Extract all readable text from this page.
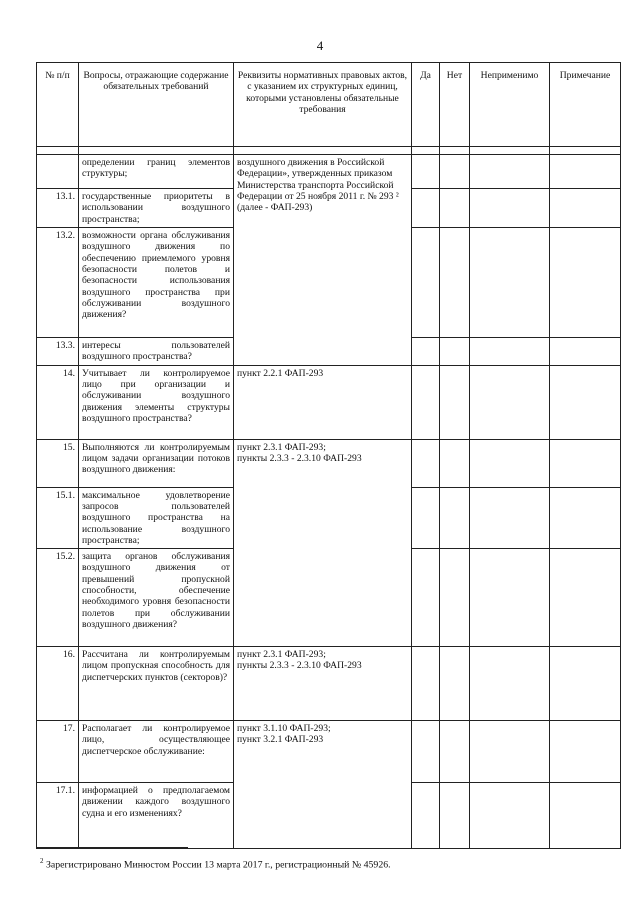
4
№ п/п	Вопросы, отражающие содержание обязательных требований	Реквизиты нормативных правовых актов, с указанием их структурных единиц, которыми установлены обязательные требования	Да	Нет	Неприменимо	Примечание

	определении границ элементов структуры;	воздушного движения в Российской Федерации», утвержденных приказом Министерства транспорта Российской Федерации от 25 ноября 2011 г. № 293 ² (далее - ФАП-293)				
13.1.	государственные приоритеты в использовании воздушного пространства;					
13.2.	возможности органа обслуживания воздушного движения по обеспечению приемлемого уровня безопасности полетов и безопасности использования воздушного пространства при обслуживании воздушного движения?					
13.3.	интересы пользователей воздушного пространства?					
14.	Учитывает ли контролируемое лицо при организации и обслуживании воздушного движения элементы структуры воздушного пространства?	пункт 2.2.1 ФАП-293				
15.	Выполняются ли контролируемым лицом задачи организации потоков воздушного движения:	пункт 2.3.1 ФАП-293;
пункты 2.3.3 - 2.3.10 ФАП-293				
15.1.	максимальное удовлетворение запросов пользователей воздушного пространства на использование воздушного пространства;					
15.2.	защита органов обслуживания воздушного движения от превышений пропускной способности, обеспечение необходимого уровня безопасности полетов при обслуживании воздушного движения?					
16.	Рассчитана ли контролируемым лицом пропускная способность для диспетчерских пунктов (секторов)?	пункт 2.3.1 ФАП-293;
пункты 2.3.3 - 2.3.10 ФАП-293				
17.	Располагает ли контролируемое лицо, осуществляющее диспетчерское обслуживание:	пункт 3.1.10 ФАП-293;
пункт 3.2.1 ФАП-293				
17.1.	информацией о предполагаемом движении каждого воздушного судна и его изменениях?					
$^2$ Зарегистрировано Минюстом России 13 марта 2017 г., регистрационный № 45926.
